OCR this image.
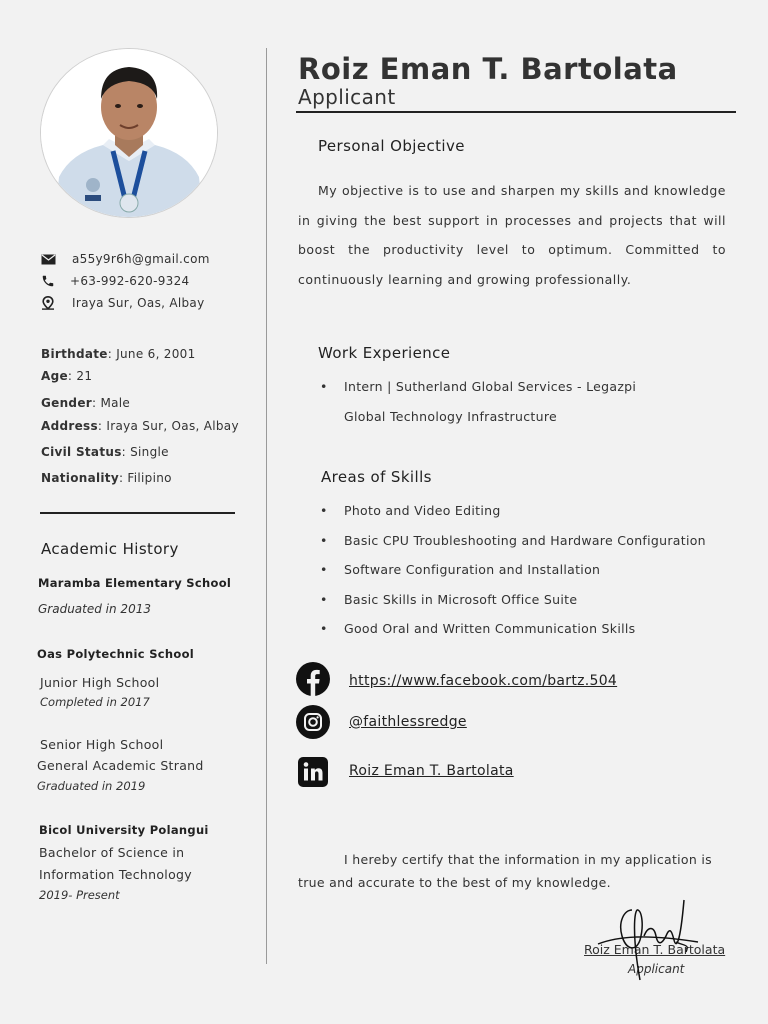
a55y9r6h@gmail.com
+63-992-620-9324
Iraya Sur, Oas, Albay
Birthdate: June 6, 2001
Age: 21
Gender: Male
Address: Iraya Sur, Oas, Albay
Civil Status: Single
Nationality: Filipino
Academic History
Maramba Elementary School
Graduated in 2013
Oas Polytechnic School
Junior High School
Completed in 2017
Senior High School
General Academic Strand
Graduated in 2019
Bicol University Polangui
Bachelor of Science in
Information Technology
2019- Present
Roiz Eman T. Bartolata
Applicant
Personal Objective
My objective is to use and sharpen my skills and knowledge in giving the best support in processes and projects that will boost the productivity level to optimum. Committed to continuously learning and growing professionally.
Work Experience
• Intern | Sutherland Global Services - Legazpi
Global Technology Infrastructure
Areas of Skills
• Photo and Video Editing
• Basic CPU Troubleshooting and Hardware Configuration
• Software Configuration and Installation
• Basic Skills in Microsoft Office Suite
• Good Oral and Written Communication Skills
https://www.facebook.com/bartz.504
@faithlessredge
Roiz Eman T. Bartolata
I hereby certify that the information in my application is true and accurate to the best of my knowledge.
Roiz Eman T. Bartolata
Applicant
